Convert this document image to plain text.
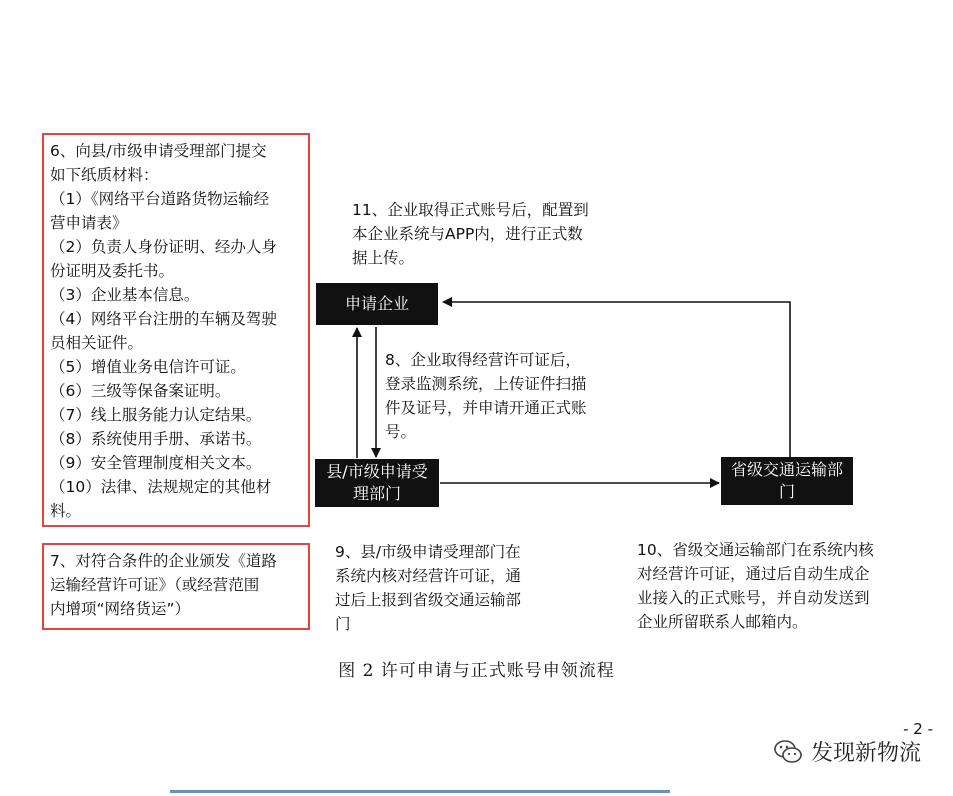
6、向县/市级申请受理部门提交
如下纸质材料：
（1）《网络平台道路货物运输经
营申请表》
（2）负责人身份证明、经办人身
份证明及委托书。
（3）企业基本信息。
（4）网络平台注册的车辆及驾驶
员相关证件。
（5）增值业务电信许可证。
（6）三级等保备案证明。
（7）线上服务能力认定结果。
（8）系统使用手册、承诺书。
（9）安全管理制度相关文本。
（10）法律、法规规定的其他材
料。
7、对符合条件的企业颁发《道路
运输经营许可证》（或经营范围
内增项“网络货运”）
申请企业
县/市级申请受
理部门
省级交通运输部
门
11、企业取得正式账号后，配置到
本企业系统与APP内，进行正式数
据上传。
8、企业取得经营许可证后，
登录监测系统，上传证件扫描
件及证号，并申请开通正式账
号。
9、县/市级申请受理部门在
系统内核对经营许可证，通
过后上报到省级交通运输部
门
10、省级交通运输部门在系统内核
对经营许可证，通过后自动生成企
业接入的正式账号，并自动发送到
企业所留联系人邮箱内。
图 2 许可申请与正式账号申领流程
- 2 -
发现新物流
